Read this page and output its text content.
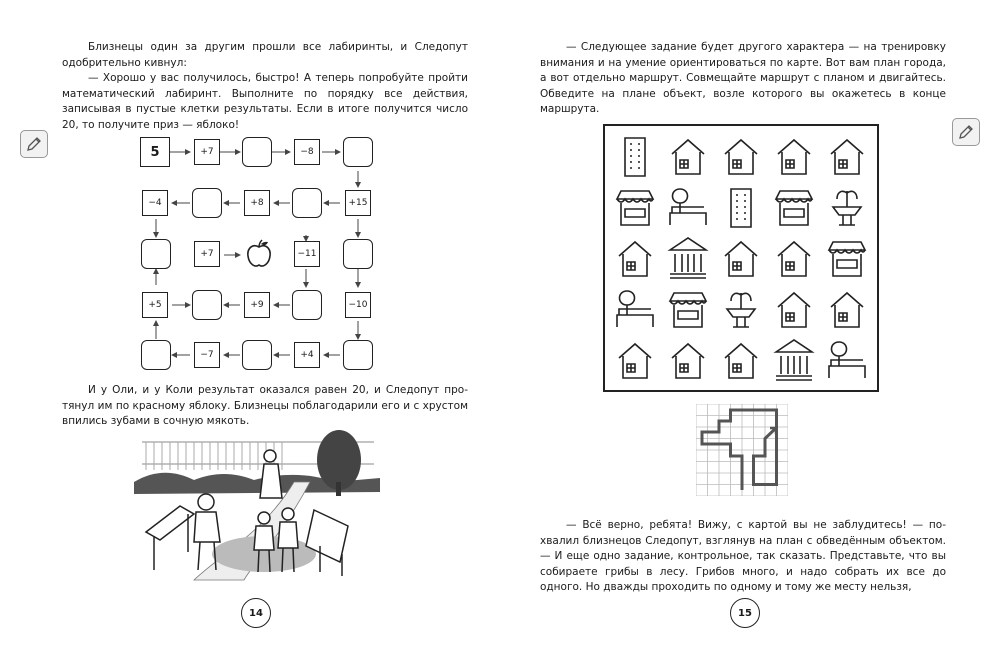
Близнецы один за другим прошли все лабиринты, и Следопут одобрительно кивнул:

— Хорошо у вас получилось, быстро! А теперь попробуйте пройти математический лабиринт. Выполните по порядку все действия, записывая в пустые клетки результаты. Если в итоге получится число 20, то получите приз — яблоко!

5	+7	−8
−4	+8	+15
+7	−11
+5	+9	−10
−7	+4

И у Оли, и у Коли результат оказался равен 20, и Следопут протянул им по красному яблоку. Близнецы поблагодарили его и с хрустом впились зубами в сочную мякоть.

14

— Следующее задание будет другого характера — на тренировку внимания и на умение ориентироваться по карте. Вот вам план города, а вот отдельно маршрут. Совмещайте маршрут с планом и двигайтесь. Обведите на плане объект, возле которого вы окажетесь в конце маршрута.

— Всё верно, ребята! Вижу, с картой вы не заблудитесь! — похвалил близнецов Следопут, взглянув на план с обведённым объектом. — И еще одно задание, контрольное, так сказать. Представьте, что вы собираете грибы в лесу. Грибов много, и надо собрать их все до одного. Но дважды проходить по одному и тому же месту нельзя,

15
